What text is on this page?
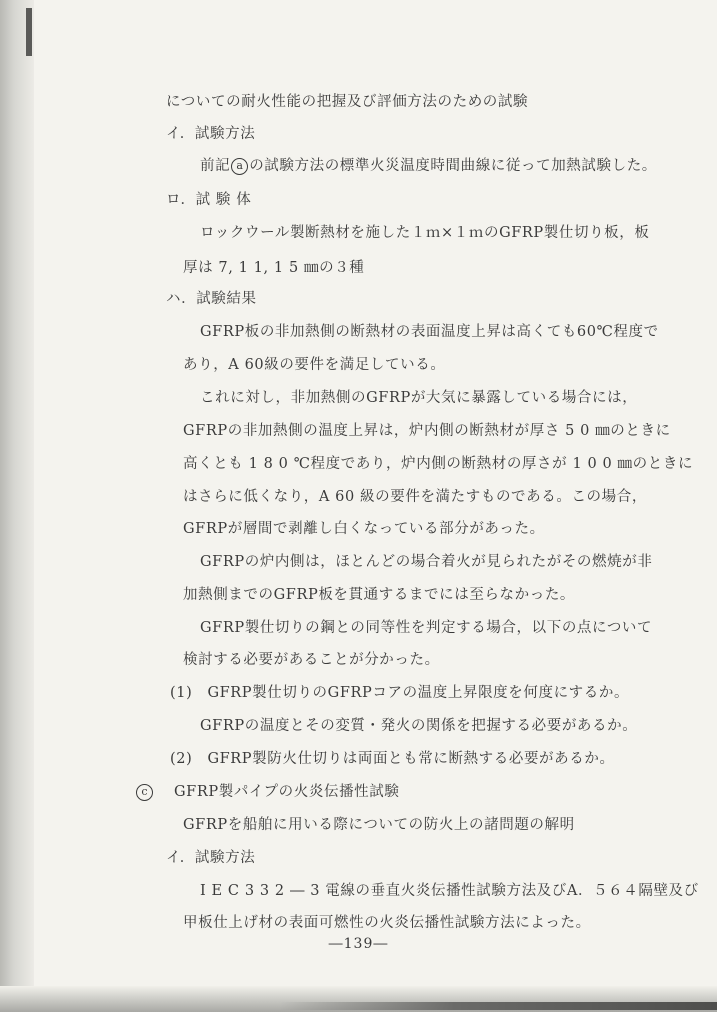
についての耐火性能の把握及び評価方法のための試験
イ．試験方法
前記 a の試験方法の標準火災温度時間曲線に従って加熱試験した。
ロ．試 験 体
ロックウール製断熱材を施した１ｍ×１ｍのGFRP製仕切り板，板
厚は 7, 1 1, 1 5 ㎜の３種
ハ．試験結果
GFRP板の非加熱側の断熱材の表面温度上昇は高くても60℃程度で
あり，A 60級の要件を満足している。
これに対し，非加熱側のGFRPが大気に暴露している場合には，
GFRPの非加熱側の温度上昇は，炉内側の断熱材が厚さ 5 0 ㎜のときに
高くとも 1 8 0 ℃程度であり，炉内側の断熱材の厚さが 1 0 0 ㎜のときに
はさらに低くなり，A 60 級の要件を満たすものである。この場合，
GFRPが層間で剥離し白くなっている部分があった。
GFRPの炉内側は，ほとんどの場合着火が見られたがその燃焼が非
加熱側までのGFRP板を貫通するまでには至らなかった。
GFRP製仕切りの鋼との同等性を判定する場合，以下の点について
検討する必要があることが分かった。
(1)　GFRP製仕切りのGFRPコアの温度上昇限度を何度にするか。
GFRPの温度とその変質・発火の関係を把握する必要があるか。
(2)　GFRP製防火仕切りは両面とも常に断熱する必要があるか。
c GFRP製パイプの火炎伝播性試験
GFRPを船舶に用いる際についての防火上の諸問題の解明
イ．試験方法
I E C 3 3 2 ― 3 電線の垂直火炎伝播性試験方法及びA．５６４隔壁及び
甲板仕上げ材の表面可燃性の火炎伝播性試験方法によった。
―139―
